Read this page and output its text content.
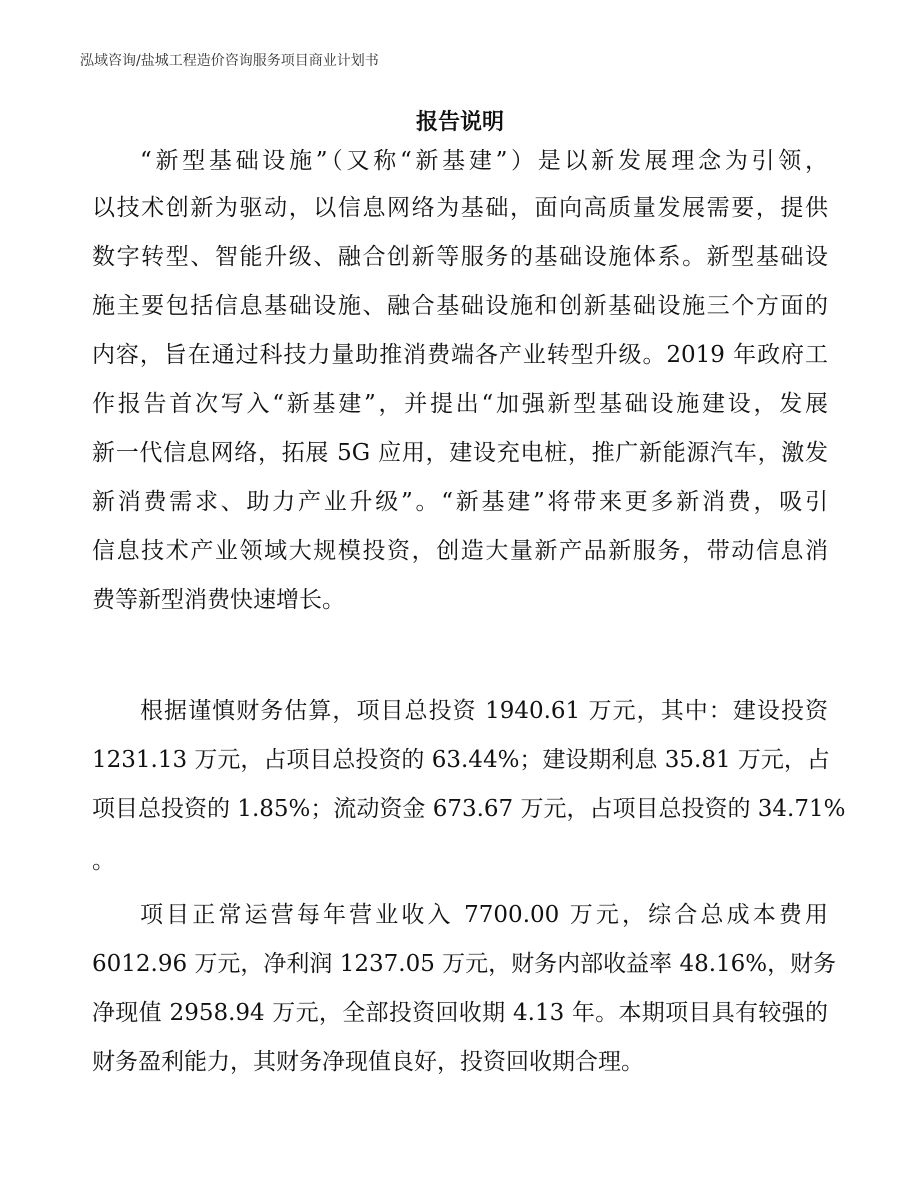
泓域咨询/盐城工程造价咨询服务项目商业计划书
报告说明
“新型基础设施”（又称“新基建”）是以新发展理念为引领，
以技术创新为驱动，以信息网络为基础，面向高质量发展需要，提供
数字转型、智能升级、融合创新等服务的基础设施体系。新型基础设
施主要包括信息基础设施、融合基础设施和创新基础设施三个方面的
内容，旨在通过科技力量助推消费端各产业转型升级。2019 年政府工
作报告首次写入“新基建”，并提出“加强新型基础设施建设，发展
新一代信息网络，拓展 5G 应用，建设充电桩，推广新能源汽车，激发
新消费需求、助力产业升级”。“新基建”将带来更多新消费，吸引
信息技术产业领域大规模投资，创造大量新产品新服务，带动信息消
费等新型消费快速增长。
根据谨慎财务估算，项目总投资 1940.61 万元，其中：建设投资
1231.13 万元，占项目总投资的 63.44%；建设期利息 35.81 万元，占
项目总投资的 1.85%；流动资金 673.67 万元，占项目总投资的 34.71%
。
项目正常运营每年营业收入 7700.00 万元，综合总成本费用
6012.96 万元，净利润 1237.05 万元，财务内部收益率 48.16%，财务
净现值 2958.94 万元，全部投资回收期 4.13 年。本期项目具有较强的
财务盈利能力，其财务净现值良好，投资回收期合理。
